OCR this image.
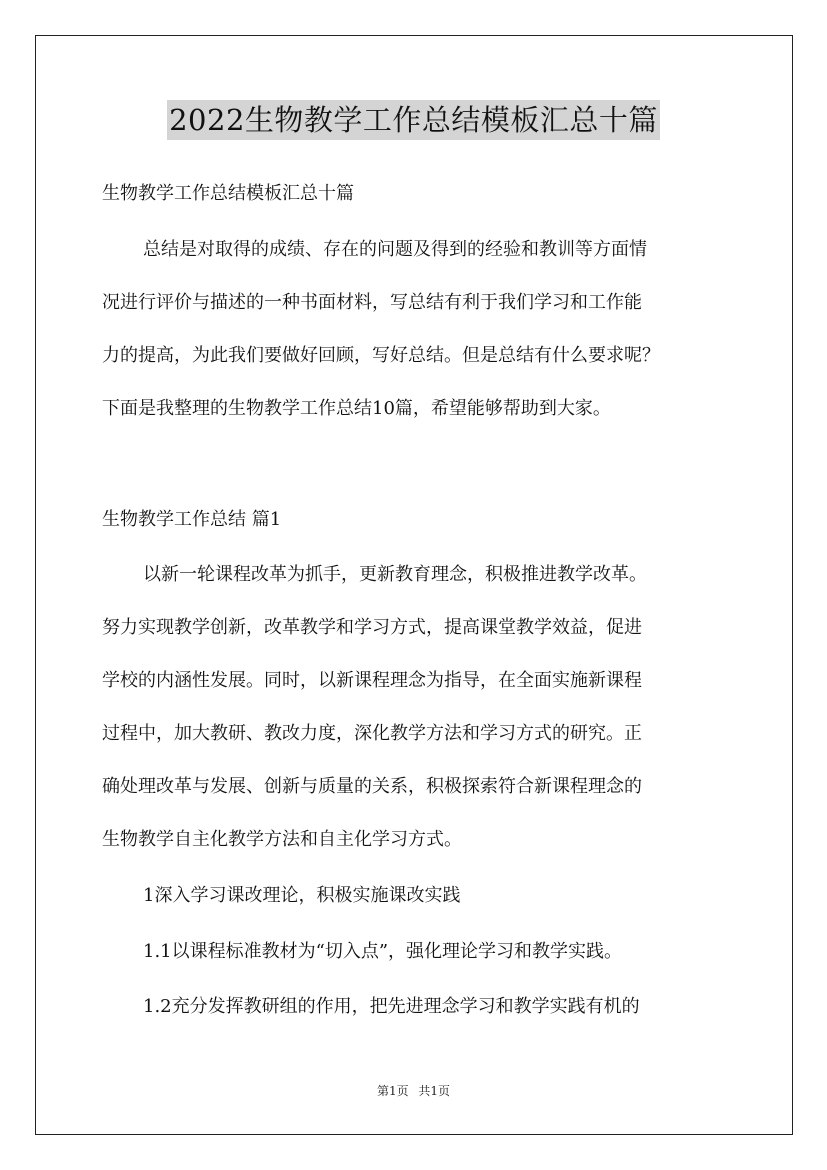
2022生物教学工作总结模板汇总十篇
生物教学工作总结模板汇总十篇
总结是对取得的成绩、存在的问题及得到的经验和教训等方面情
况进行评价与描述的一种书面材料，写总结有利于我们学习和工作能
力的提高，为此我们要做好回顾，写好总结。但是总结有什么要求呢？
下面是我整理的生物教学工作总结10篇，希望能够帮助到大家。
生物教学工作总结 篇1
以新一轮课程改革为抓手，更新教育理念，积极推进教学改革。
努力实现教学创新，改革教学和学习方式，提高课堂教学效益，促进
学校的内涵性发展。同时，以新课程理念为指导，在全面实施新课程
过程中，加大教研、教改力度，深化教学方法和学习方式的研究。正
确处理改革与发展、创新与质量的关系，积极探索符合新课程理念的
生物教学自主化教学方法和自主化学习方式。
1深入学习课改理论，积极实施课改实践
1.1以课程标准教材为“切入点”，强化理论学习和教学实践。
1.2充分发挥教研组的作用，把先进理念学习和教学实践有机的
第1页 共1页
